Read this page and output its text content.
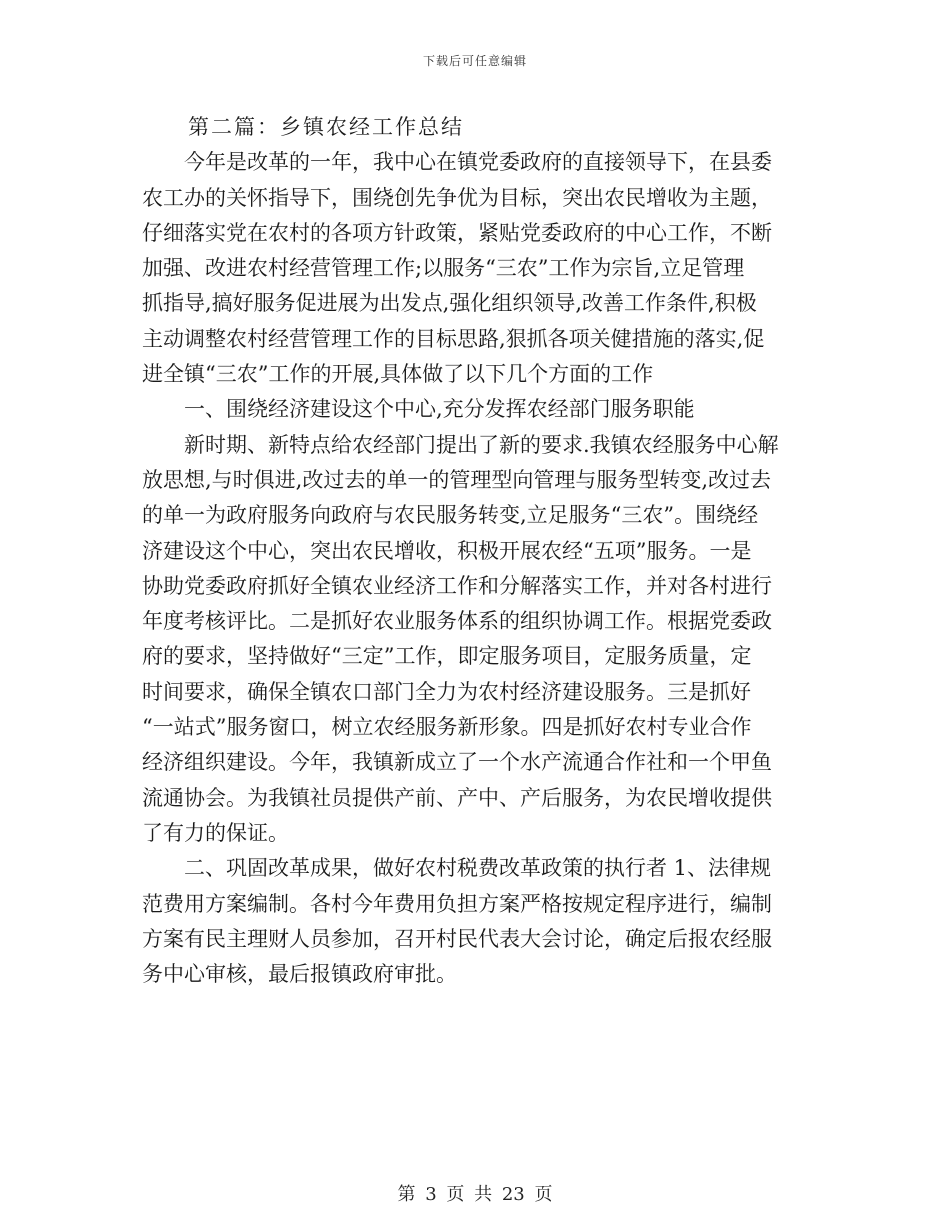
下载后可任意编辑
　　第二篇：乡镇农经工作总结
　　今年是改革的一年，我中心在镇党委政府的直接领导下，在县委
农工办的关怀指导下，围绕创先争优为目标，突出农民增收为主题，
仔细落实党在农村的各项方针政策，紧贴党委政府的中心工作，不断
加强、改进农村经营管理工作;以服务“三农”工作为宗旨,立足管理
抓指导,搞好服务促进展为出发点,强化组织领导,改善工作条件,积极
主动调整农村经营管理工作的目标思路,狠抓各项关健措施的落实,促
进全镇“三农”工作的开展,具体做了以下几个方面的工作
　　一、围绕经济建设这个中心,充分发挥农经部门服务职能
　　新时期、新特点给农经部门提出了新的要求.我镇农经服务中心解
放思想,与时俱进,改过去的单一的管理型向管理与服务型转变,改过去
的单一为政府服务向政府与农民服务转变,立足服务“三农”。围绕经
济建设这个中心，突出农民增收，积极开展农经“五项”服务。一是
协助党委政府抓好全镇农业经济工作和分解落实工作，并对各村进行
年度考核评比。二是抓好农业服务体系的组织协调工作。根据党委政
府的要求，坚持做好“三定”工作，即定服务项目，定服务质量，定
时间要求，确保全镇农口部门全力为农村经济建设服务。三是抓好
“一站式”服务窗口，树立农经服务新形象。四是抓好农村专业合作
经济组织建设。今年，我镇新成立了一个水产流通合作社和一个甲鱼
流通协会。为我镇社员提供产前、产中、产后服务，为农民增收提供
了有力的保证。
　　二、巩固改革成果，做好农村税费改革政策的执行者 1、法律规
范费用方案编制。各村今年费用负担方案严格按规定程序进行，编制
方案有民主理财人员参加，召开村民代表大会讨论，确定后报农经服
务中心审核，最后报镇政府审批。
第 3 页 共 23 页
